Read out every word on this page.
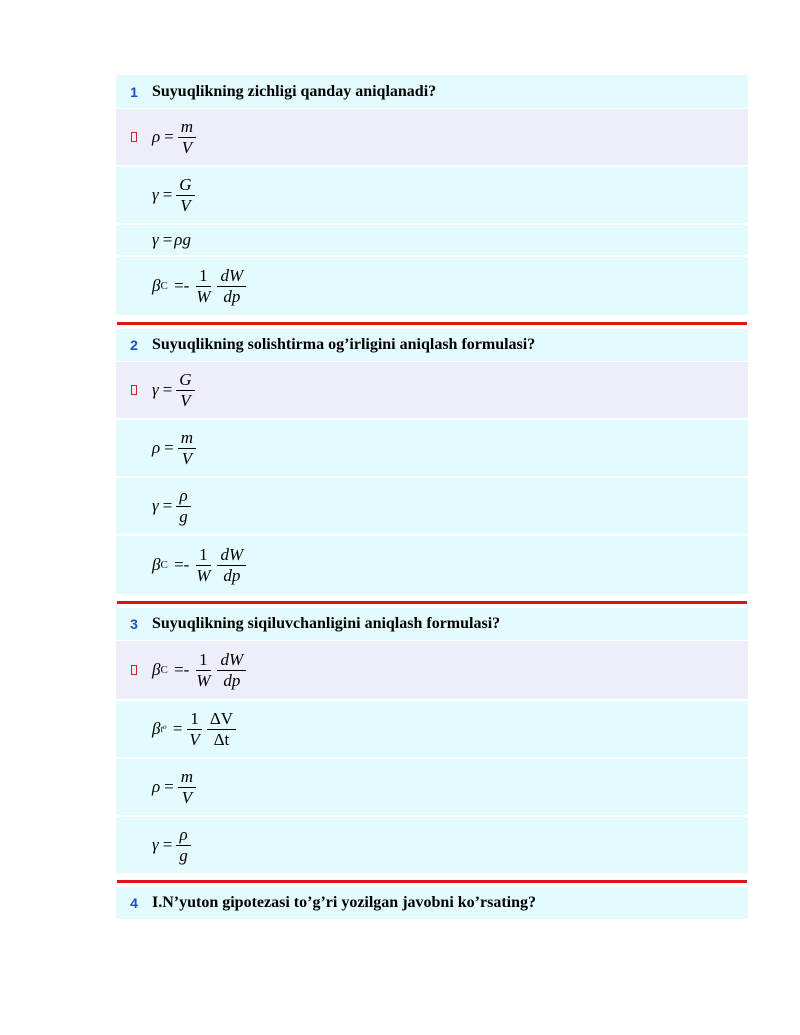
1 Suyuqlikning zichligi qanday aniqlanadi?
$\rho = \frac{m}{V}$
$\gamma = \frac{G}{V}$
γ = ρ g
β C
=- $\frac{1}{W} \frac{dW}{dp}$
2 Suyuqlikning solishtirma og’irligini aniqlash formulasi?
$\gamma = \frac{G}{V}$
$\rho = \frac{m}{V}$
$\gamma = \frac{\rho}{g}$
β C
=- $\frac{1}{W} \frac{dW}{dp}$
3 Suyuqlikning siqiluvchanligini aniqlash formulasi?
β C
=- $\frac{1}{W} \frac{dW}{dp}$
β t⁰
= $\frac{1}{V} \frac{\Delta V}{\Delta t}$
$\rho = \frac{m}{V}$
$\gamma = \frac{\rho}{g}$
4 I.N’yuton gipotezasi to’g’ri yozilgan javobni ko’rsating?
